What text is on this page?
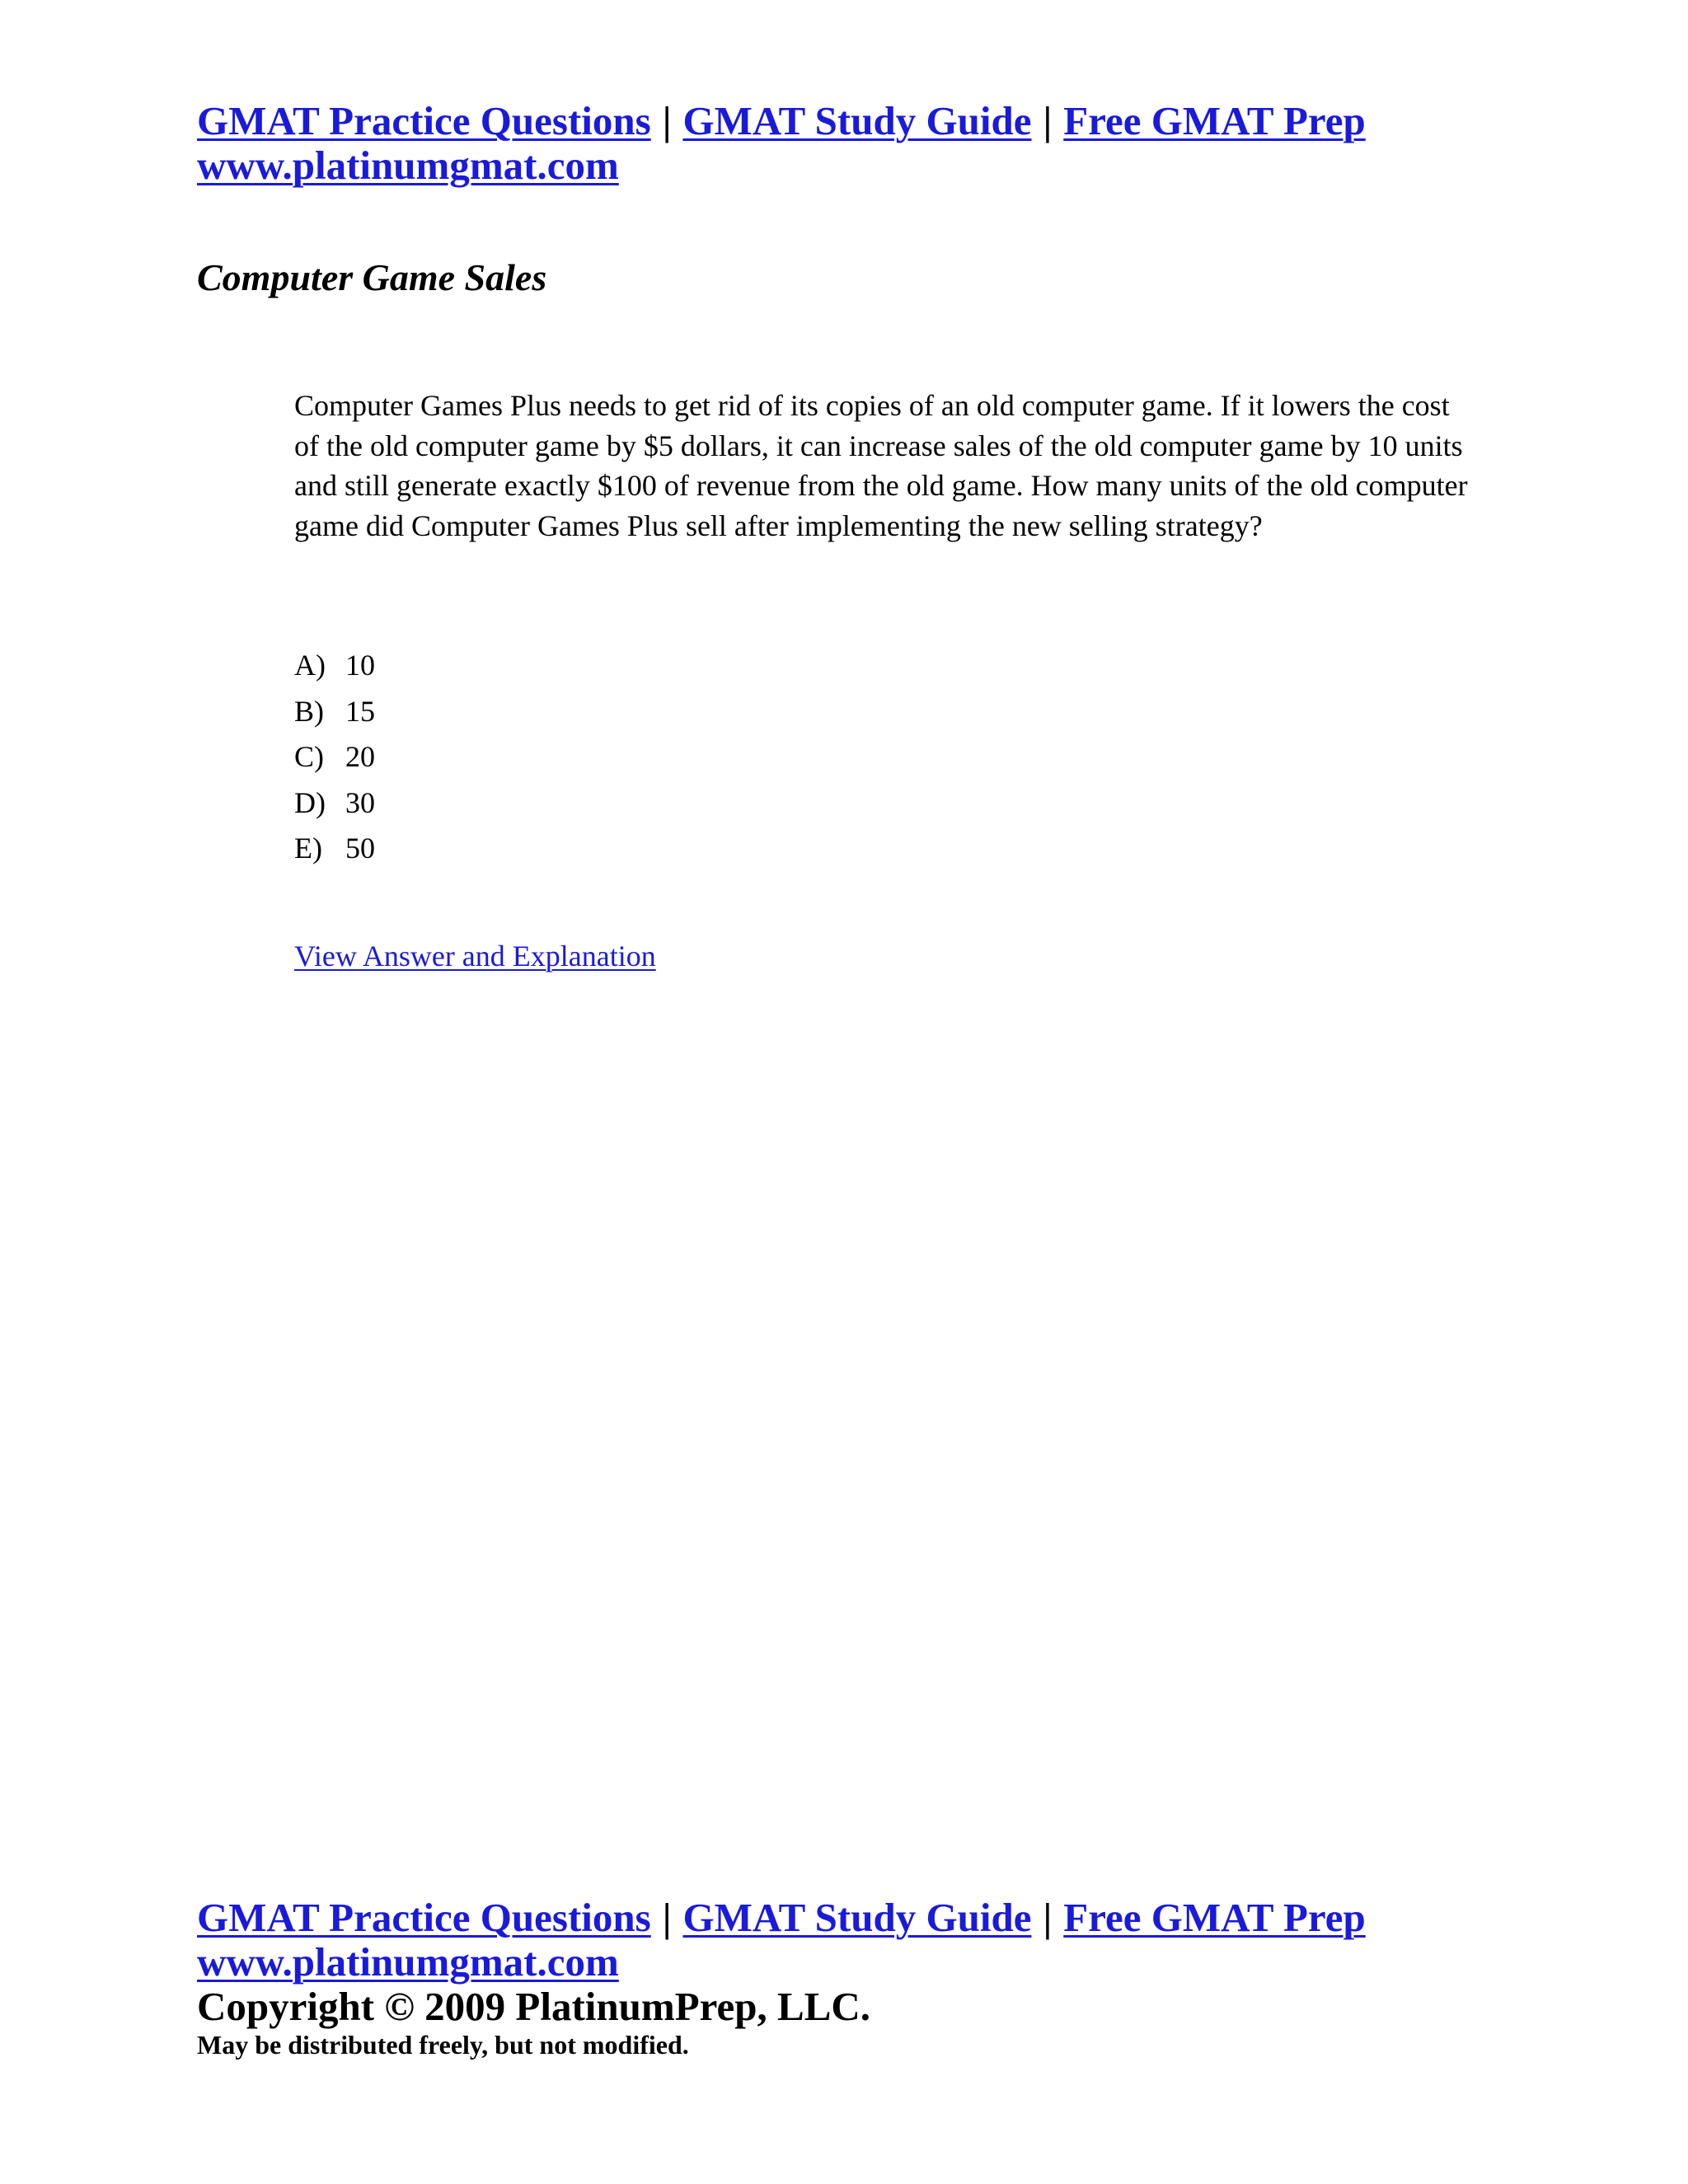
GMAT Practice Questions | GMAT Study Guide | Free GMAT Prep
www.platinumgmat.com
Computer Game Sales
Computer Games Plus needs to get rid of its copies of an old computer game. If it lowers the cost of the old computer game by $5 dollars, it can increase sales of the old computer game by 10 units and still generate exactly $100 of revenue from the old game. How many units of the old computer game did Computer Games Plus sell after implementing the new selling strategy?
A) 10
B) 15
C) 20
D) 30
E) 50
View Answer and Explanation
GMAT Practice Questions | GMAT Study Guide | Free GMAT Prep
www.platinumgmat.com
Copyright © 2009 PlatinumPrep, LLC.
May be distributed freely, but not modified.
